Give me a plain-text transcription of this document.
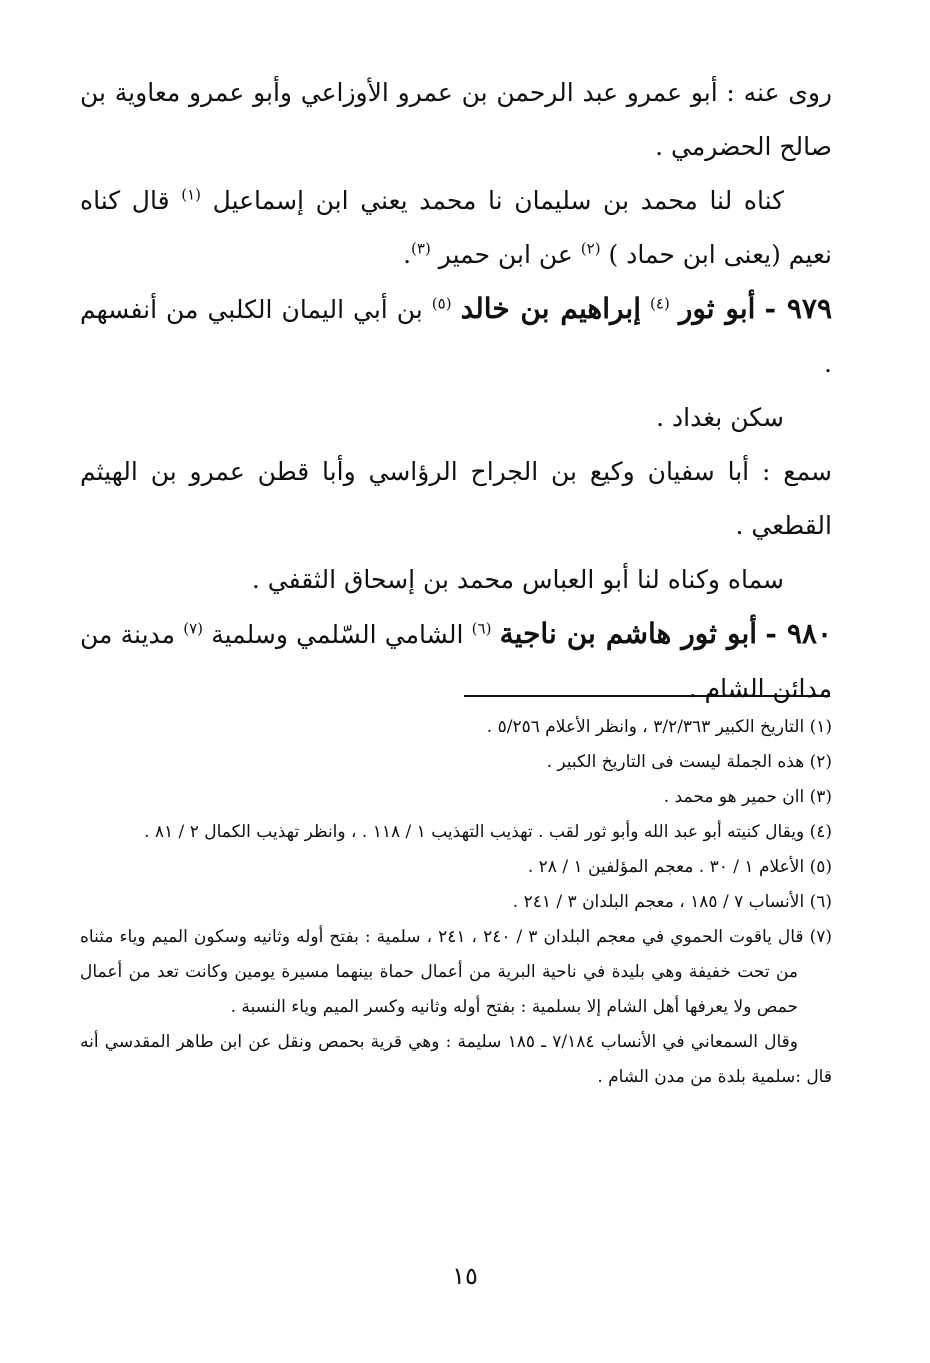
روى عنه : أبو عمرو عبد الرحمن بن عمرو الأوزاعي وأبو عمرو معاوية بن صالح الحضرمي .

كناه لنا محمد بن سليمان نا محمد يعني ابن إسماعيل $^{(١)}$ قال كناه نعيم (يعنى ابن حماد ) $^{(٢)}$ عن ابن حمير $^{(٣)}$.

٩٧٩ - أبو ثور $^{(٤)}$ إبراهيم بن خالد $^{(٥)}$ بن أبي اليمان الكلبي من أنفسهم .

سكن بغداد .

سمع : أبا سفيان وكيع بن الجراح الرؤاسي وأبا قطن عمرو بن الهيثم القطعي .

سماه وكناه لنا أبو العباس محمد بن إسحاق الثقفي .

٩٨٠ - أبو ثور هاشم بن ناجية $^{(٦)}$ الشامي السّلمي وسلمية $^{(٧)}$ مدينة من مدائن الشام .

(١) التاريخ الكبير ٣/٢/٣٦٣ ، وانظر الأعلام ٥/٢٥٦ .

(٢) هذه الجملة ليست فى التاريخ الكبير .

(٣) اان حمير هو محمد .

(٤) ويقال كنيته أبو عبد الله وأبو ثور لقب . تهذيب التهذيب ١ / ١١٨ . ، وانظر تهذيب الكمال ٢ / ٨١ .

(٥) الأعلام ١ / ٣٠ . معجم المؤلفين ١ / ٢٨ .

(٦) الأنساب ٧ / ١٨٥ ، معجم البلدان ٣ / ٢٤١ .

(٧) قال ياقوت الحموي في معجم البلدان ٣ / ٢٤٠ ، ٢٤١ ، سلمية : بفتح أوله وثانيه وسكون الميم وياء مثناه من تحت خفيفة وهي بليدة في ناحية البرية من أعمال حماة بينهما مسيرة يومين وكانت تعد من أعمال حمص ولا يعرفها أهل الشام إلا بسلمية : بفتح أوله وثانيه وكسر الميم وياء النسبة .

وقال السمعاني في الأنساب ٧/١٨٤ ـ ١٨٥ سليمة : وهي قرية بحمص ونقل عن ابن طاهر المقدسي أنه قال :سلمية بلدة من مدن الشام .

١٥
